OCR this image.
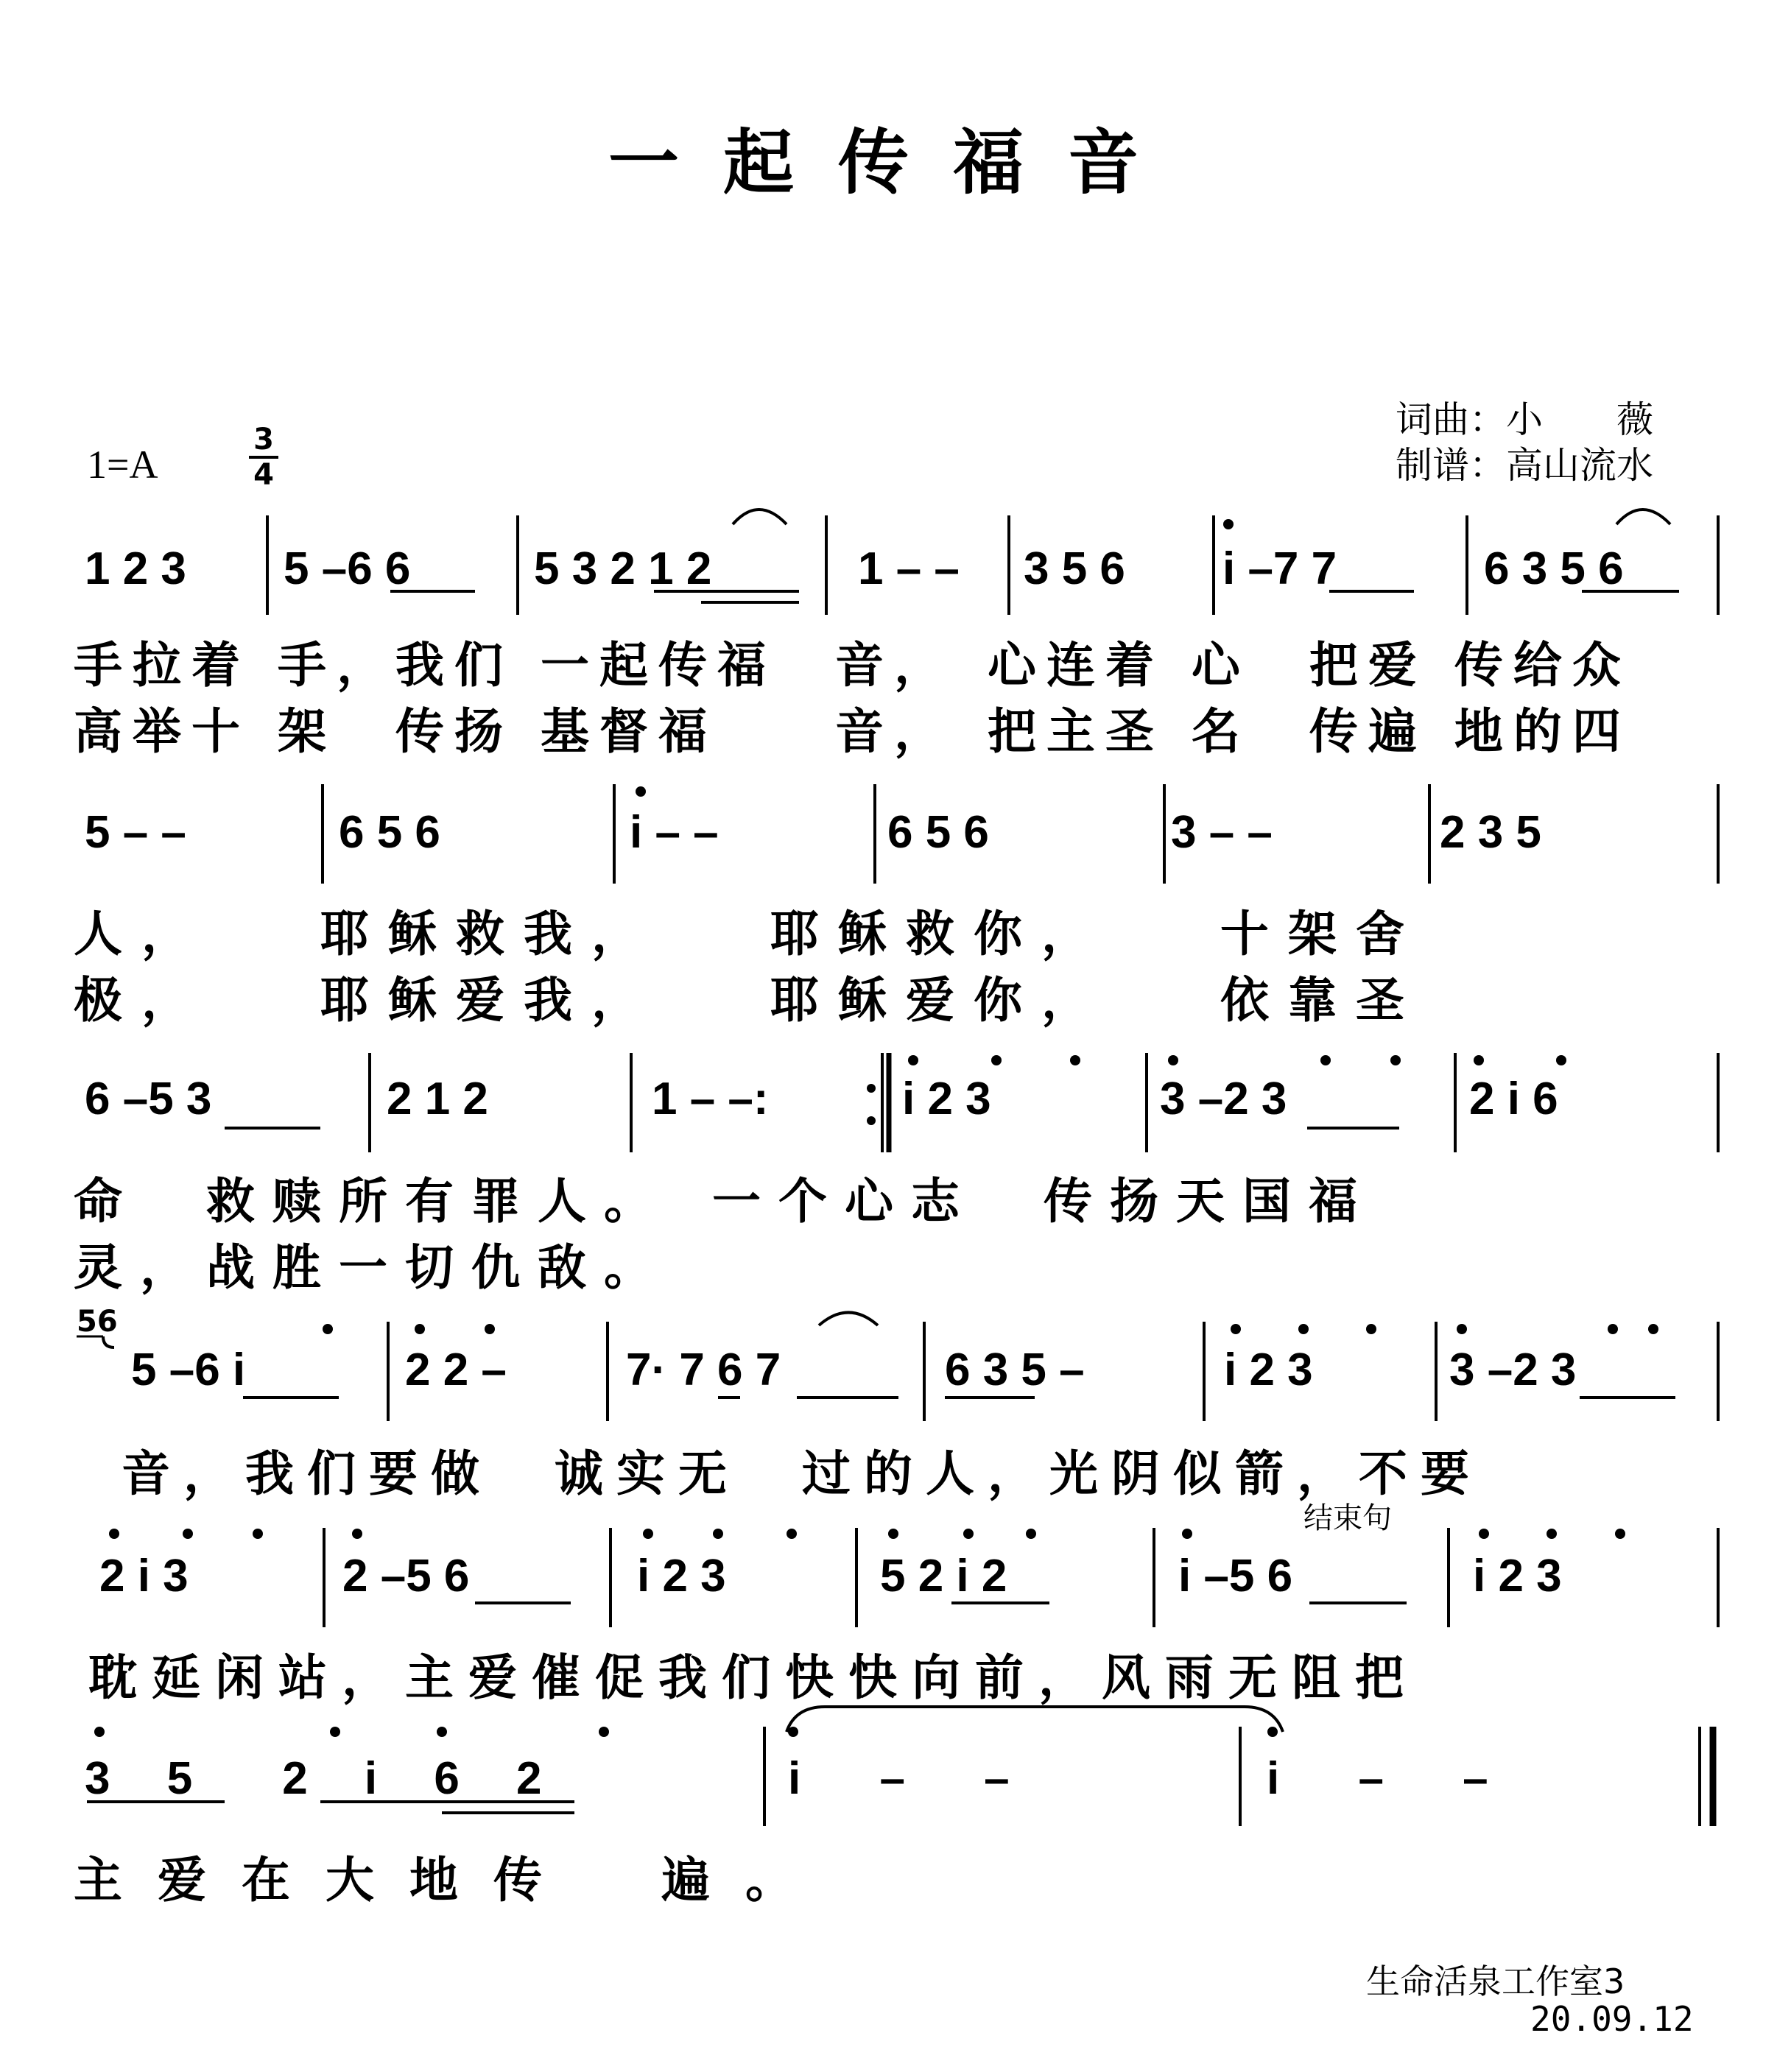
一起传福音
词曲：小　　薇
制谱：高山流水
1=A
3
4
1 2 3 5 –6 6	5 3 2 1 2	1 – – 3 5 6 i –7 7	6 3 5 6
手拉着 手，我们 一起传福　音，　心连着 心　把爱 传给众
高举十 架　传扬 基督福　　音，　把主圣 名　传遍 地的四
5 – –	6 5 6	i – –	6 5 6	3 – –	2 3 5
人，　　耶稣救我，　　耶稣救你，　　十架舍
极，　　耶稣爱我，　　耶稣爱你，　　依靠圣
6 –5 3	2 1 2	1 – –:	i 2 3	3 –2 3	2 i 6
命　救赎所有罪人。　一个心志　传扬天国福
灵，战胜一切仇敌。
56
5 –6 i	2 2 –	7· 7 6 7	6 3 5 –	i 2 3	3 –2 3
音，我们要做　诚实无　过的人，光阴似箭，不要
结束句
2 i 3	2 –5 6	i 2 3	5 2 i 2	i –5 6	i 2 3
耽延闲站，主爱催促我们快快向前，风雨无阻把
3 5　2 i 6 2	i – –	i – –
主爱在大地传　遍。
生命活泉工作室3
20.09.12
